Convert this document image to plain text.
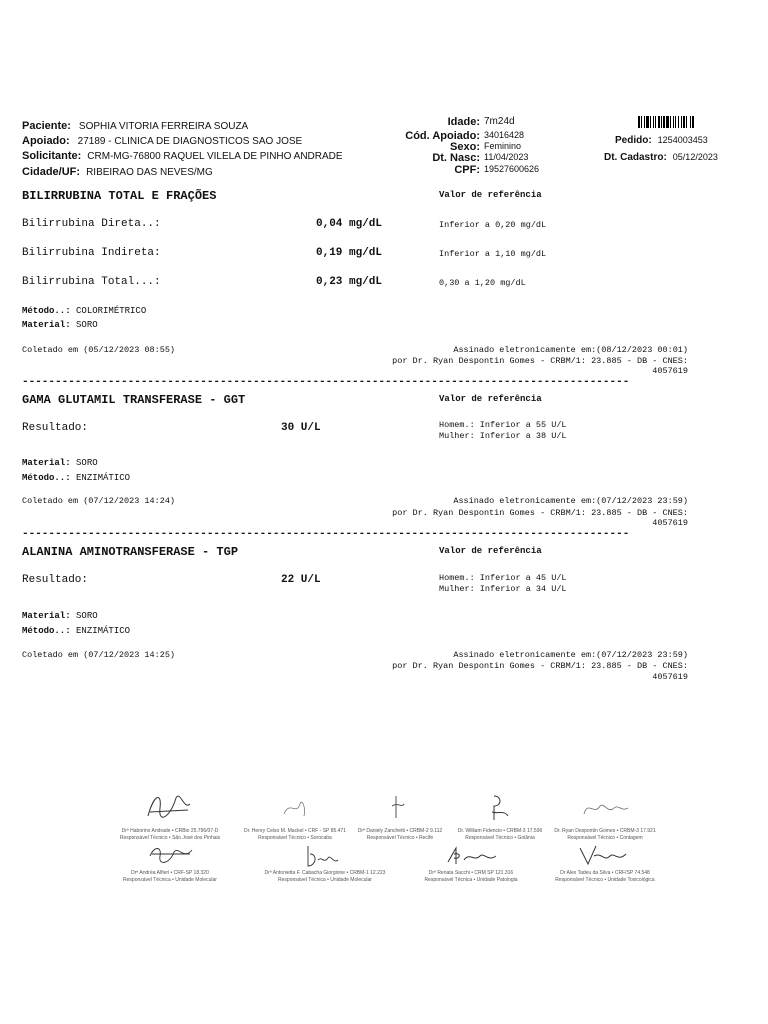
Paciente: SOPHIA VITORIA FERREIRA SOUZA
Apoiado: 27189 - CLINICA DE DIAGNOSTICOS SAO JOSE
Solicitante: CRM-MG-76800 RAQUEL VILELA DE PINHO ANDRADE
Cidade/UF: RIBEIRAO DAS NEVES/MG
Idade: 7m24d
Cód. Apoiado: 34016428
Sexo: Feminino
Dt. Nasc: 11/04/2023
CPF: 19527600626
Pedido: 1254003453
Dt. Cadastro: 05/12/2023
BILIRRUBINA TOTAL E FRAÇÕES	Valor de referência
Bilirrubina Direta..:	0,04 mg/dL	Inferior a 0,20 mg/dL
Bilirrubina Indireta:	0,19 mg/dL	Inferior a 1,10 mg/dL
Bilirrubina Total...:	0,23 mg/dL	0,30 a 1,20 mg/dL
Método..: COLORIMÉTRICO
Material: SORO
Coletado em (05/12/2023 08:55)	Assinado eletronicamente em:(08/12/2023 00:01)
por Dr. Ryan Despontin Gomes - CRBM/1: 23.885 - DB - CNES:
4057619
--------------------------------------------------------------------------------------------
GAMA GLUTAMIL TRANSFERASE - GGT	Valor de referência
Resultado:	30 U/L	Homem.: Inferior a 55 U/L
Mulher: Inferior a 38 U/L
Material: SORO
Método..: ENZIMÁTICO
Coletado em (07/12/2023 14:24)	Assinado eletronicamente em:(07/12/2023 23:59)
por Dr. Ryan Despontin Gomes - CRBM/1: 23.885 - DB - CNES:
4057619
--------------------------------------------------------------------------------------------
ALANINA AMINOTRANSFERASE - TGP	Valor de referência
Resultado:	22 U/L	Homem.: Inferior a 45 U/L
Mulher: Inferior a 34 U/L
Material: SORO
Método..: ENZIMÁTICO
Coletado em (07/12/2023 14:25)	Assinado eletronicamente em:(07/12/2023 23:59)
por Dr. Ryan Despontin Gomes - CRBM/1: 23.885 - DB - CNES:
4057619
Drª Haborino Andrade • CRBio 25.796/07-D
Responsável Técnico • São José dos Pinhais
Dr. Henry Celso M. Mackel • CRF - SP 85.471
Responsável Técnico • Sorocaba
Drª Daniely Zanchetti • CRBM-2 9.112
Responsável Técnico • Recife
Dr. William Fidencio • CRBM-3 17.596
Responsável Técnico • Goiânia
Dr. Ryan Despontin Gomes • CRBM-3 17.921
Responsável Técnico • Contagem
Drª Andréa Alfieri • CRF-SP 18.320
Responsável Técnica • Unidade Molecular
Drª Antonietta F. Cabacha Giorgione • CRBM-1 12.223
Responsável Técnica • Unidade Molecular
Drª Renata Sacchi • CRM SP 121.316
Responsável Técnica • Unidade Patologia
Dr Alex Tadeu da Silva • CRF/SP 74.548
Responsável Técnico • Unidade Toxicológica
